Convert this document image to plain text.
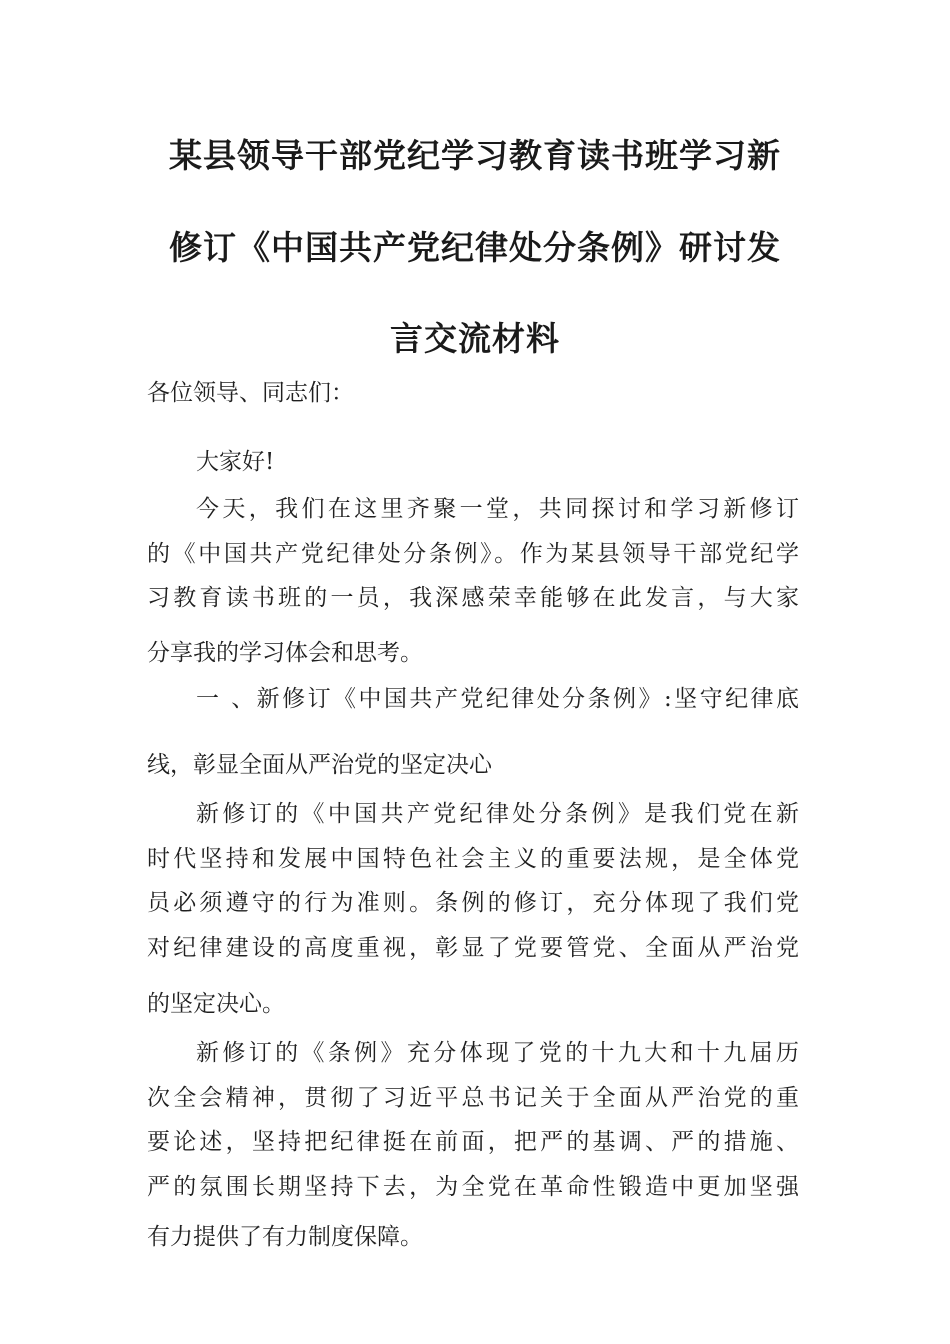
某县领导干部党纪学习教育读书班学习新
修订《中国共产党纪律处分条例》研讨发
言交流材料
各位领导、同志们：
大家好!
今天，我们在这里齐聚一堂，共同探讨和学习新修订
的《中国共产党纪律处分条例》。作为某县领导干部党纪学
习教育读书班的一员，我深感荣幸能够在此发言，与大家
分享我的学习体会和思考。
一 、新修订《中国共产党纪律处分条例》:坚守纪律底
线，彰显全面从严治党的坚定决心
新修订的《中国共产党纪律处分条例》是我们党在新
时代坚持和发展中国特色社会主义的重要法规，是全体党
员必须遵守的行为准则。条例的修订，充分体现了我们党
对纪律建设的高度重视，彰显了党要管党、全面从严治党
的坚定决心。
新修订的《条例》充分体现了党的十九大和十九届历
次全会精神，贯彻了习近平总书记关于全面从严治党的重
要论述，坚持把纪律挺在前面，把严的基调、严的措施、
严的氛围长期坚持下去，为全党在革命性锻造中更加坚强
有力提供了有力制度保障。
